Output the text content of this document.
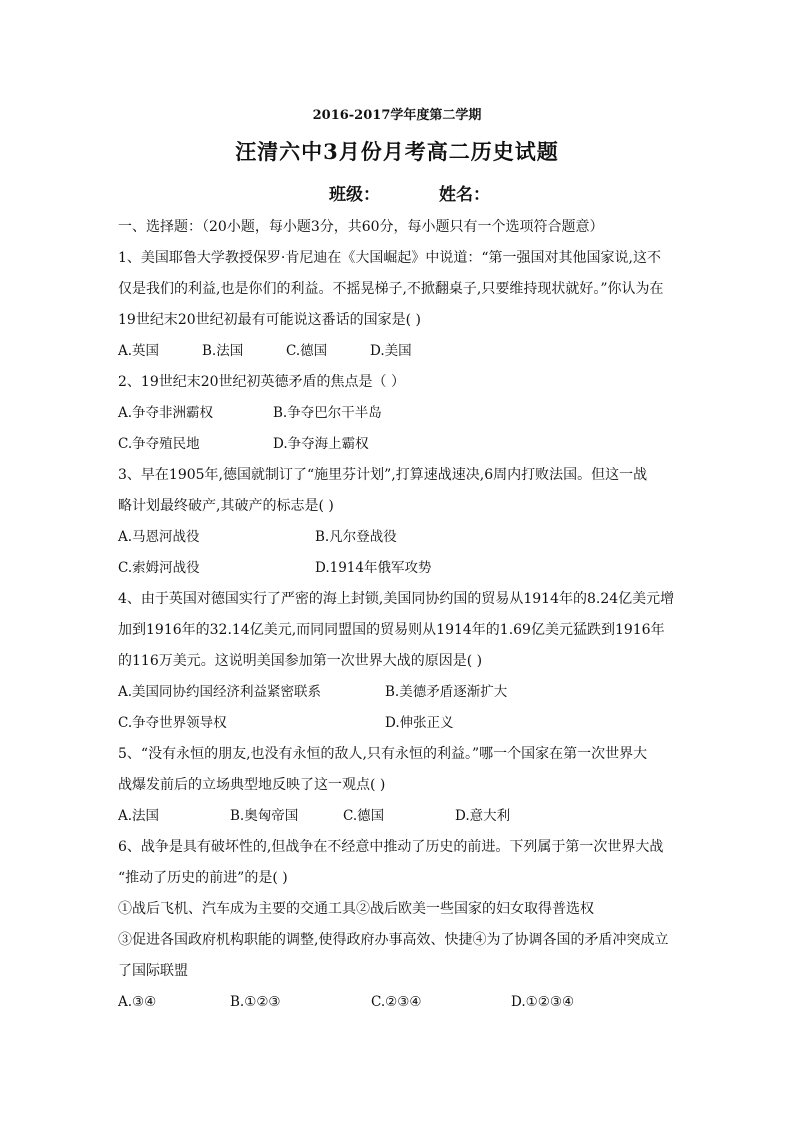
2016-2017学年度第二学期
汪清六中3月份月考高二历史试题
班级：	姓名：
一、选择题：（20小题，每小题3分，共60分，每小题只有一个选项符合题意）
1、美国耶鲁大学教授保罗·肯尼迪在《大国崛起》中说道：“第一强国对其他国家说,这不
仅是我们的利益,也是你们的利益。不摇晃梯子,不掀翻桌子,只要维持现状就好。”你认为在
19世纪末20世纪初最有可能说这番话的国家是( )
A.英国	B.法国	C.德国	D.美国
2、19世纪末20世纪初英德矛盾的焦点是（ ）
A.争夺非洲霸权	B.争夺巴尔干半岛
C.争夺殖民地	D.争夺海上霸权
3、早在1905年,德国就制订了“施里芬计划”,打算速战速决,6周内打败法国。但这一战
略计划最终破产,其破产的标志是( )
A.马恩河战役	B.凡尔登战役
C.索姆河战役	D.1914年俄军攻势
4、由于英国对德国实行了严密的海上封锁,美国同协约国的贸易从1914年的8.24亿美元增
加到1916年的32.14亿美元,而同同盟国的贸易则从1914年的1.69亿美元猛跌到1916年
的116万美元。这说明美国参加第一次世界大战的原因是( )
A.美国同协约国经济利益紧密联系	B.美德矛盾逐渐扩大
C.争夺世界领导权	D.伸张正义
5、“没有永恒的朋友,也没有永恒的敌人,只有永恒的利益。”哪一个国家在第一次世界大
战爆发前后的立场典型地反映了这一观点( )
A.法国	B.奥匈帝国	C.德国	D.意大利
6、战争是具有破坏性的,但战争在不经意中推动了历史的前进。下列属于第一次世界大战
“推动了历史的前进”的是( )
①战后飞机、汽车成为主要的交通工具②战后欧美一些国家的妇女取得普选权
③促进各国政府机构职能的调整,使得政府办事高效、快捷④为了协调各国的矛盾冲突成立
了国际联盟
A.③④	B.①②③	C.②③④	D.①②③④
